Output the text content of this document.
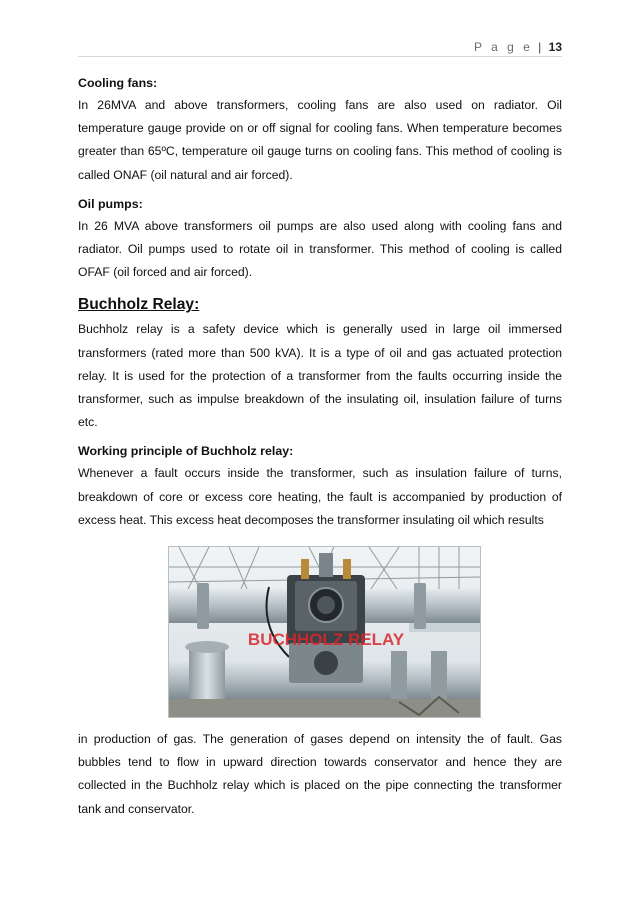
P a g e | 13
Cooling fans:

In 26MVA and above transformers, cooling fans are also used on radiator. Oil temperature gauge provide on or off signal for cooling fans. When temperature becomes greater than 65ºC, temperature oil gauge turns on cooling fans. This method of cooling is called ONAF (oil natural and air forced).

Oil pumps:

In 26 MVA above transformers oil pumps are also used along with cooling fans and radiator. Oil pumps used to rotate oil in transformer. This method of cooling is called OFAF (oil forced and air forced).

Buchholz Relay:

Buchholz relay is a safety device which is generally used in large oil immersed transformers (rated more than 500 kVA). It is a type of oil and gas actuated protection relay. It is used for the protection of a transformer from the faults occurring inside the transformer, such as impulse breakdown of the insulating oil, insulation failure of turns etc.

Working principle of Buchholz relay:

Whenever a fault occurs inside the transformer, such as insulation failure of turns, breakdown of core or excess core heating, the fault is accompanied by production of excess heat. This excess heat decomposes the transformer insulating oil which results

BUCHHOLZ RELAY

in production of gas. The generation of gases depend on intensity the of fault. Gas bubbles tend to flow in upward direction towards conservator and hence they are collected in the Buchholz relay which is placed on the pipe connecting the transformer tank and conservator.
